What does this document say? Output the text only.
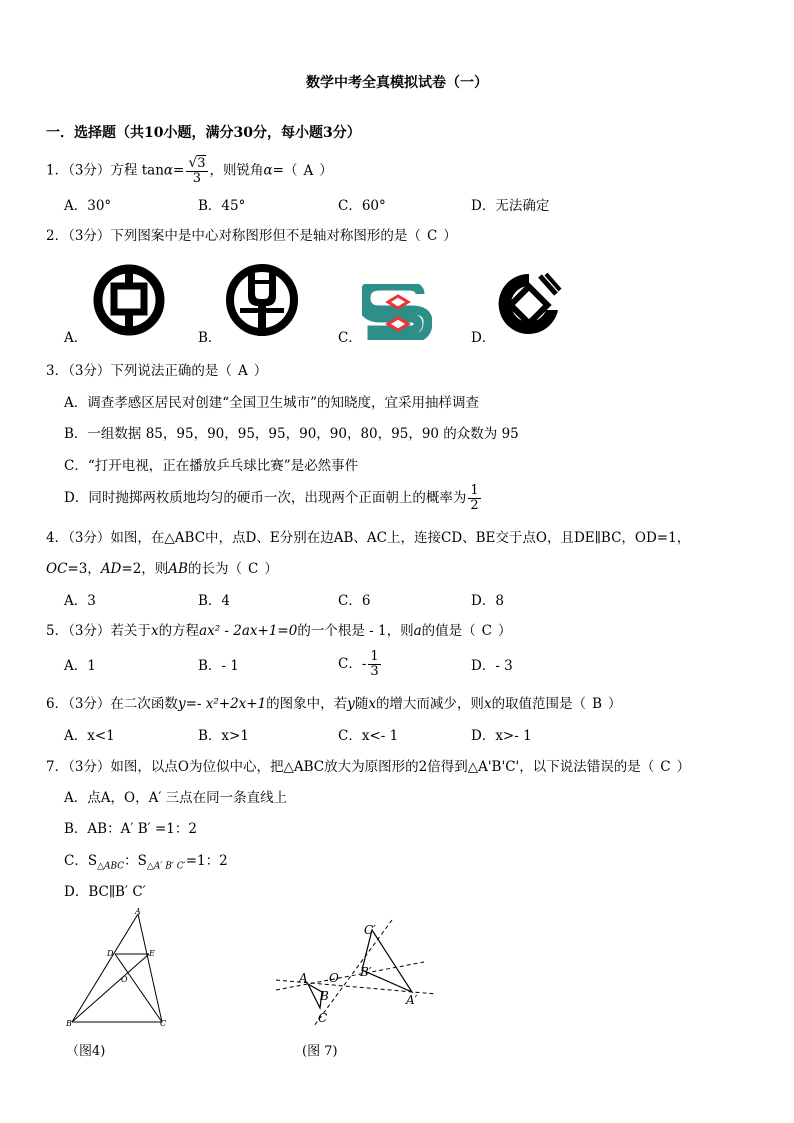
数学中考全真模拟试卷（一）
一．选择题（共10小题，满分30分，每小题3分）
1．（3分）方程 $\tan\alpha= \frac{√3}{3}$ ，则锐角α=（ A ）
A．30°	B．45°	C．60°	D．无法确定
2．（3分）下列图案中是中心对称图形但不是轴对称图形的是（ C ）
A．	B．	C．	D．
3．（3分）下列说法正确的是（ A ）
A．调查孝感区居民对创建“全国卫生城市”的知晓度，宜采用抽样调查
B．一组数据 85，95，90，95，95，90，90，80，95，90 的众数为 95
C．“打开电视，正在播放乒乓球比赛”是必然事件
D．同时抛掷两枚质地均匀的硬币一次，出现两个正面朝上的概率为 $\frac{1}{2}$
4．（3分）如图，在△ABC中，点D、E分别在边AB、AC上，连接CD、BE交于点O，且DE∥BC，OD=1，
OC=3，AD=2，则AB的长为（ C ）
A．3	B．4	C．6	D．8
5．（3分）若关于x的方程ax² - 2ax+1=0的一个根是 - 1，则a的值是（ C ）
A．1	B．- 1	C．- $\frac{1}{3}$	D．- 3
6．（3分）在二次函数y=- x²+2x+1的图象中，若y随x的增大而减少，则x的取值范围是（ B ）
A．x<1	B．x>1	C．x<- 1	D．x>- 1
7．（3分）如图，以点O为位似中心，把△ABC放大为原图形的2倍得到△A'B'C'，以下说法错误的是（ C ）
A．点A，O，A′ 三点在同一条直线上
B．AB：A′ B′ =1：2
C．$S_{\triangle ABC}$：$S_{\triangle A' B' C'}=1$：2
D．BC∥B′ C′
A
B	C
D	E
O
（图4)
C′
B′
A′
A O
B
C
(图 7)
